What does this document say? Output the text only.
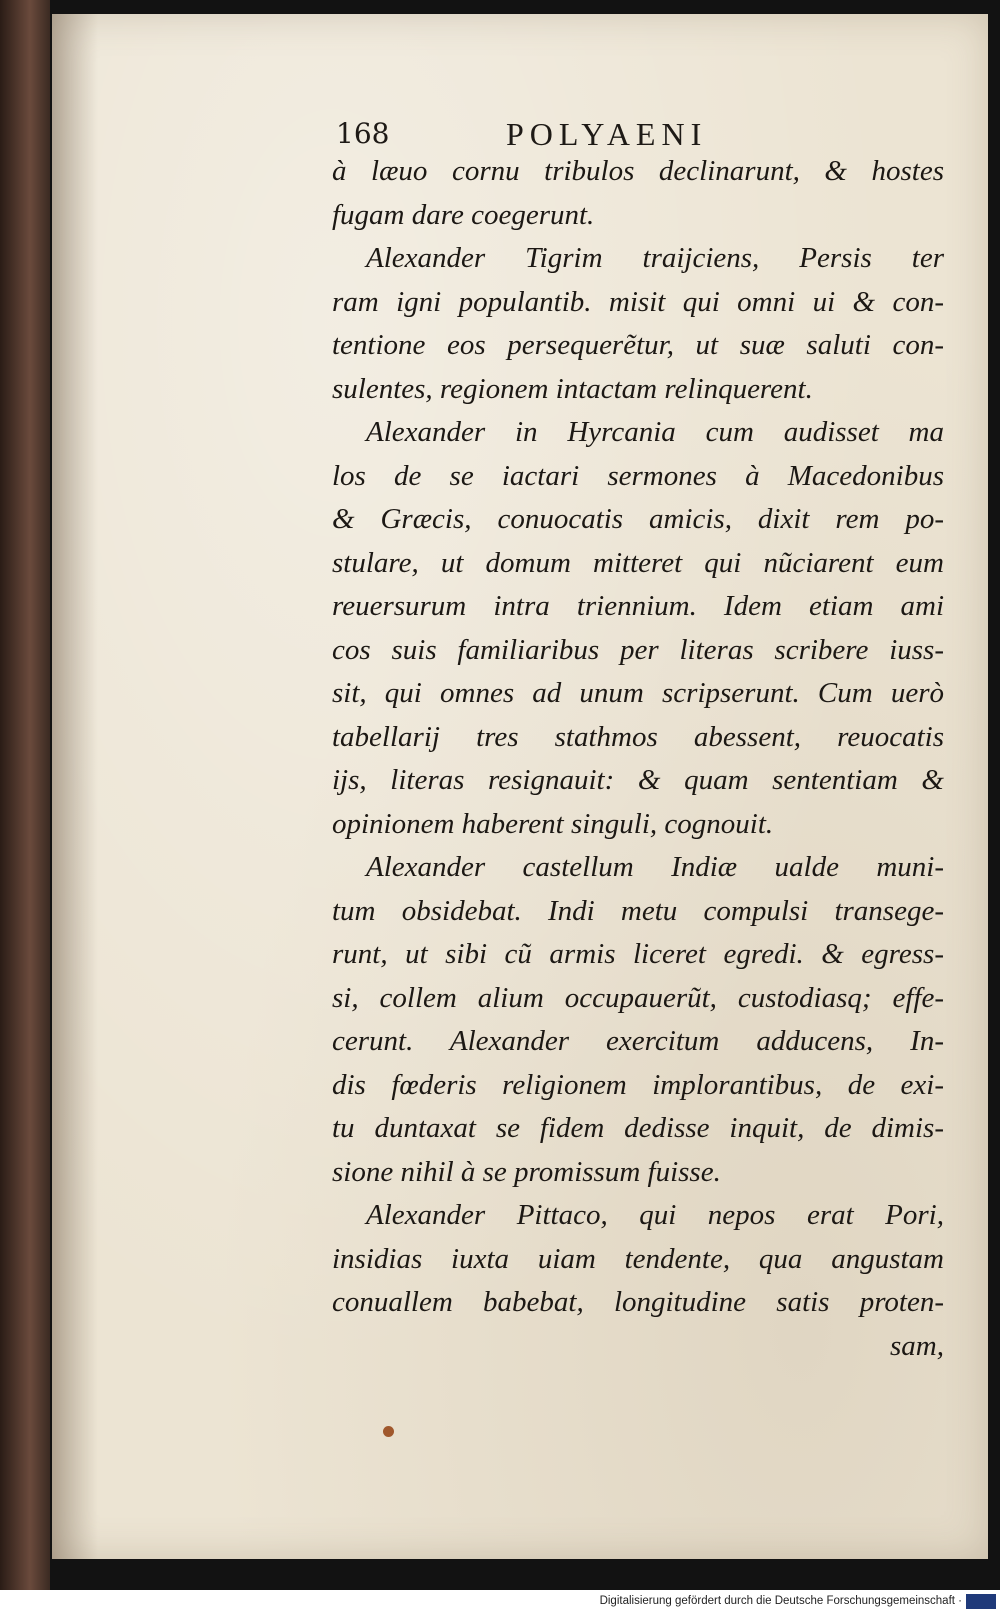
168	POLYAENI
à læuo cornu tribulos declinarunt, & hostes
fugam dare coegerunt.
Alexander Tigrim traijciens, Persis ter
ram igni populantib. misit qui omni ui & con-
tentione eos persequerẽtur, ut suæ saluti con-
sulentes, regionem intactam relinquerent.
Alexander in Hyrcania cum audisset ma
los de se iactari sermones à Macedonibus
& Græcis, conuocatis amicis, dixit rem po-
stulare, ut domum mitteret qui nũciarent eum
reuersurum intra triennium. Idem etiam ami
cos suis familiaribus per literas scribere iuss-
sit, qui omnes ad unum scripserunt. Cum uerò
tabellarij tres stathmos abessent, reuocatis
ijs, literas resignauit: & quam sententiam &
opinionem haberent singuli, cognouit.
Alexander castellum Indiæ ualde muni-
tum obsidebat. Indi metu compulsi transege-
runt, ut sibi cũ armis liceret egredi. & egress-
si, collem alium occupauerũt, custodiasq; effe-
cerunt. Alexander exercitum adducens, In-
dis fœderis religionem implorantibus, de exi-
tu duntaxat se fidem dedisse inquit, de dimis-
sione nihil à se promissum fuisse.
Alexander Pittaco, qui nepos erat Pori,
insidias iuxta uiam tendente, qua angustam
conuallem babebat, longitudine satis proten-
sam,
Digitalisierung gefördert durch die Deutsche Forschungsgemeinschaft ·
